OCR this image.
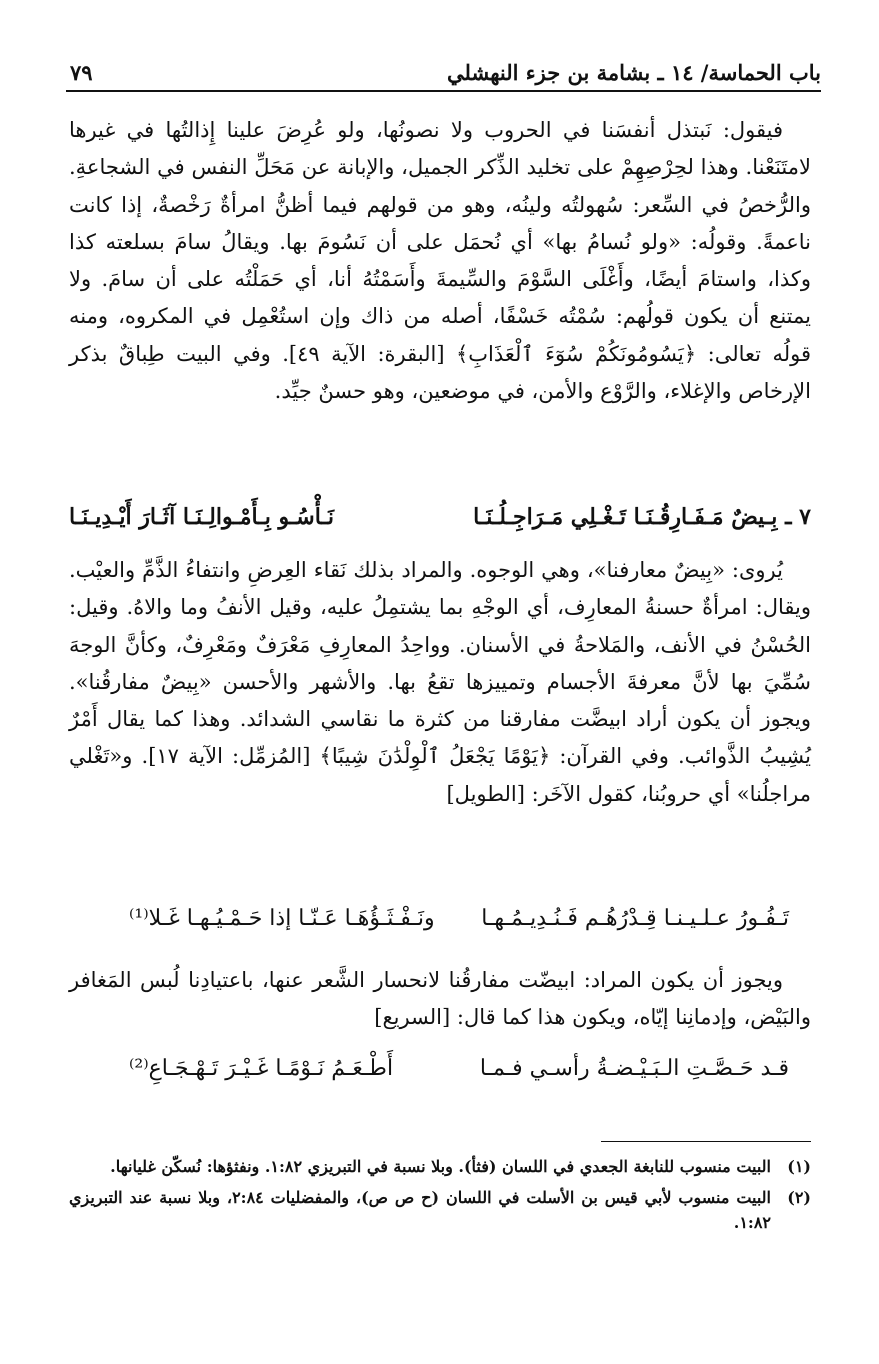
باب الحماسة/ ١٤ ـ بشامة بن جزء النهشلي
٧٩

فيقول: نَبتذل أنفسَنا في الحروب ولا نصونُها، ولو عُرِضَ علينا إِذالتُها في غيرها لامتَنَعْنا. وهذا لحِرْصِهِمْ على تخليد الذِّكر الجميل، والإبانة عن مَحَلِّ النفس في الشجاعةِ. والرُّخصُ في السِّعر: سُهولتُه ولينُه، وهو من قولهم فيما أظنُّ امرأةٌ رَخْصةٌ، إذا كانت ناعمةً. وقولُه: «ولو نُسامُ بها» أي نُحمَل على أن نَسُومَ بها. ويقالُ سامَ بسلعته كذا وكذا، واستامَ أيضًا، وأَغْلَى السَّوْمَ والسِّيمةَ وأَسَمْتُهُ أنا، أي حَمَلْتُه على أن سامَ. ولا يمتنع أن يكون قولُهم: سُمْتُه خَسْفًا، أصله من ذاك وإن استُعْمِل في المكروه، ومنه قولُه تعالى: ﴿يَسُومُونَكُمْ سُوٓءَ ٱلْعَذَابِ﴾ [البقرة: الآية ٤٩]. وفي البيت طِباقٌ بذكر الإرخاص والإغلاء، والرَّوْع والأمن، في موضعين، وهو حسنٌ جيِّد.

٧ ـ بِـيضٌ مَـفَـارِقُـنَـا تَـغْـلِي مَـرَاجِـلُـنَـا
نَـأْسُـو بِـأَمْـوالِـنَـا آثَـارَ أَيْـدِيـنَـا

يُروى: «بِيضٌ معارفنا»، وهي الوجوه. والمراد بذلك نَقاء العِرضِ وانتفاءُ الذَّمِّ والعيْب. ويقال: امرأةٌ حسنةُ المعارِف، أي الوجْهِ بما يشتمِلُ عليه، وقيل الأنفُ وما والاهُ. وقيل: الحُسْنُ في الأنف، والمَلاحةُ في الأسنان. وواحِدُ المعارِفِ مَعْرَفٌ ومَعْرِفٌ، وكأنَّ الوجهَ سُمِّيَ بها لأنَّ معرفةَ الأجسام وتمييزها تقعُ بها. والأشهر والأحسن «بِيضٌ مفارقُنا». ويجوز أن يكون أراد ابيضَّت مفارقنا من كثرة ما نقاسي الشدائد. وهذا كما يقال أَمْرٌ يُشِيبُ الذَّوائب. وفي القرآن: ﴿يَوْمًا يَجْعَلُ ٱلْوِلْدَٰنَ شِيبًا﴾ [المُزمِّل: الآية ١٧]. و«تَغْلي مراجلُنا» أي حروبُنا، كقول الآخَر: [الطويل]

تَـفُـورُ عـلـيـنـا قِـدْرُهُـم فَـنُـدِيـمُـهـا
ونَـفْـثَـؤُهَـا عَـنّـا إذا حَـمْـيُـهـا غَـلا⁽¹⁾

ويجوز أن يكون المراد: ابيضّت مفارقُنا لانحسار الشَّعر عنها، باعتيادِنا لُبس المَغافر والبَيْض، وإدمانِنا إيّاه، ويكون هذا كما قال: [السريع]

قـد حَـصَّـتِ الـبَـيْـضـةُ رأسـي فـمـا
أَطْـعَـمُ نَـوْمًـا غَـيْـرَ تَـهْـجَـاعِ⁽²⁾
(١)
البيت منسوب للنابغة الجعدي في اللسان (فثأ). وبلا نسبة في التبريزي ١:٨٢. ونفثؤها: نُسكّن غليانها.
(٢)
البيت منسوب لأبي قيس بن الأسلت في اللسان (ح ص ص)، والمفضليات ٢:٨٤، وبلا نسبة عند التبريزي ١:٨٢.
